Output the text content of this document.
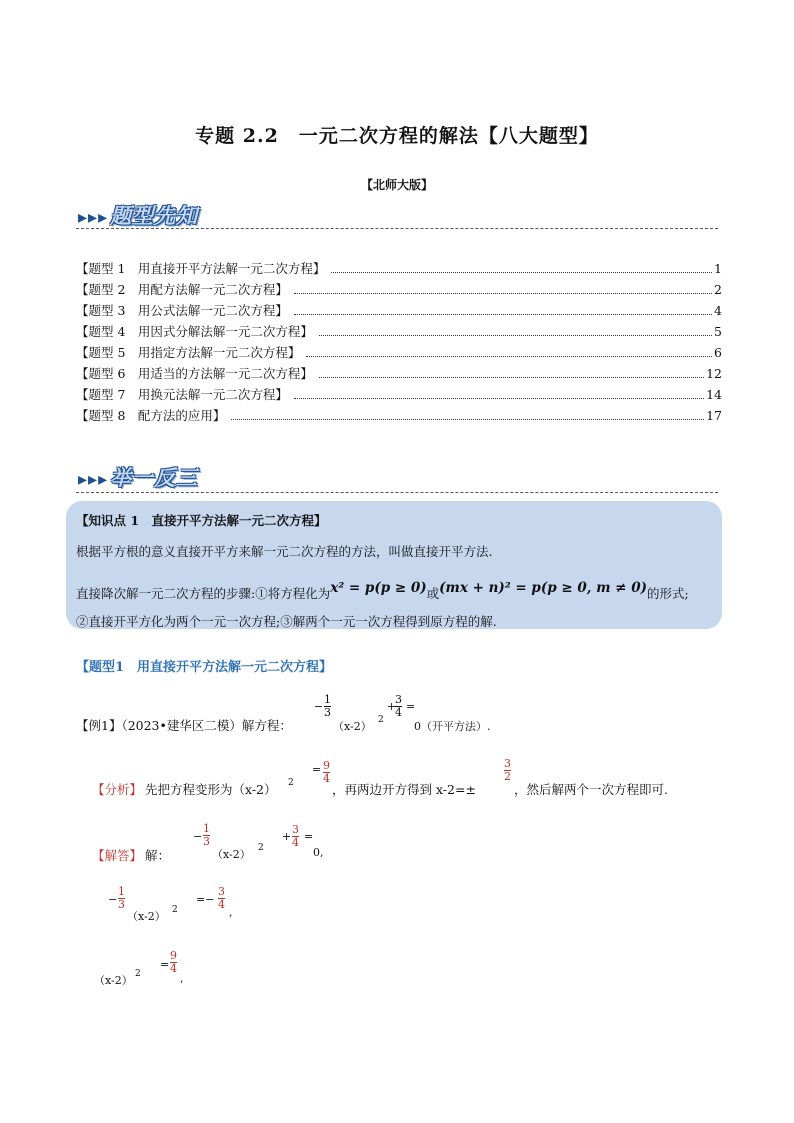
专题 2.2　一元二次方程的解法【八大题型】
【北师大版】
▸▸▸题型先知
【题型 1　用直接开平方法解一元二次方程】	1
【题型 2　用配方法解一元二次方程】	2
【题型 3　用公式法解一元二次方程】	4
【题型 4　用因式分解法解一元二次方程】	5
【题型 5　用指定方法解一元二次方程】	6
【题型 6　用适当的方法解一元二次方程】	12
【题型 7　用换元法解一元二次方程】	14
【题型 8　配方法的应用】	17
▸▸▸举一反三
【知识点 1　直接开平方法解一元二次方程】
根据平方根的意义直接开平方来解一元二次方程的方法，叫做直接开平方法.
直接降次解一元二次方程的步骤:①将方程化为x² = p(p ≥ 0)或(mx + n)² = p(p ≥ 0, m ≠ 0)的形式;
②直接开平方化为两个一元一次方程;③解两个一元一次方程得到原方程的解.
【题型1　用直接开平方法解一元二次方程】
【例1】（2023•建华区二模）解方程：
−
1
3
（x-2） 2
+
3
4 =
0（开平方法）.
【分析】 先把方程变形为（x-2） 2
= 9
4
，再两边开方得到 x-2=±
3
2
，然后解两个一次方程即可.
【解答】 解：
−
1
3
（x-2） 2
+
3
4 =
0,
−
1
3
（x-2） 2
=−
3
4
,
（x-2） 2
=
9
4
,
